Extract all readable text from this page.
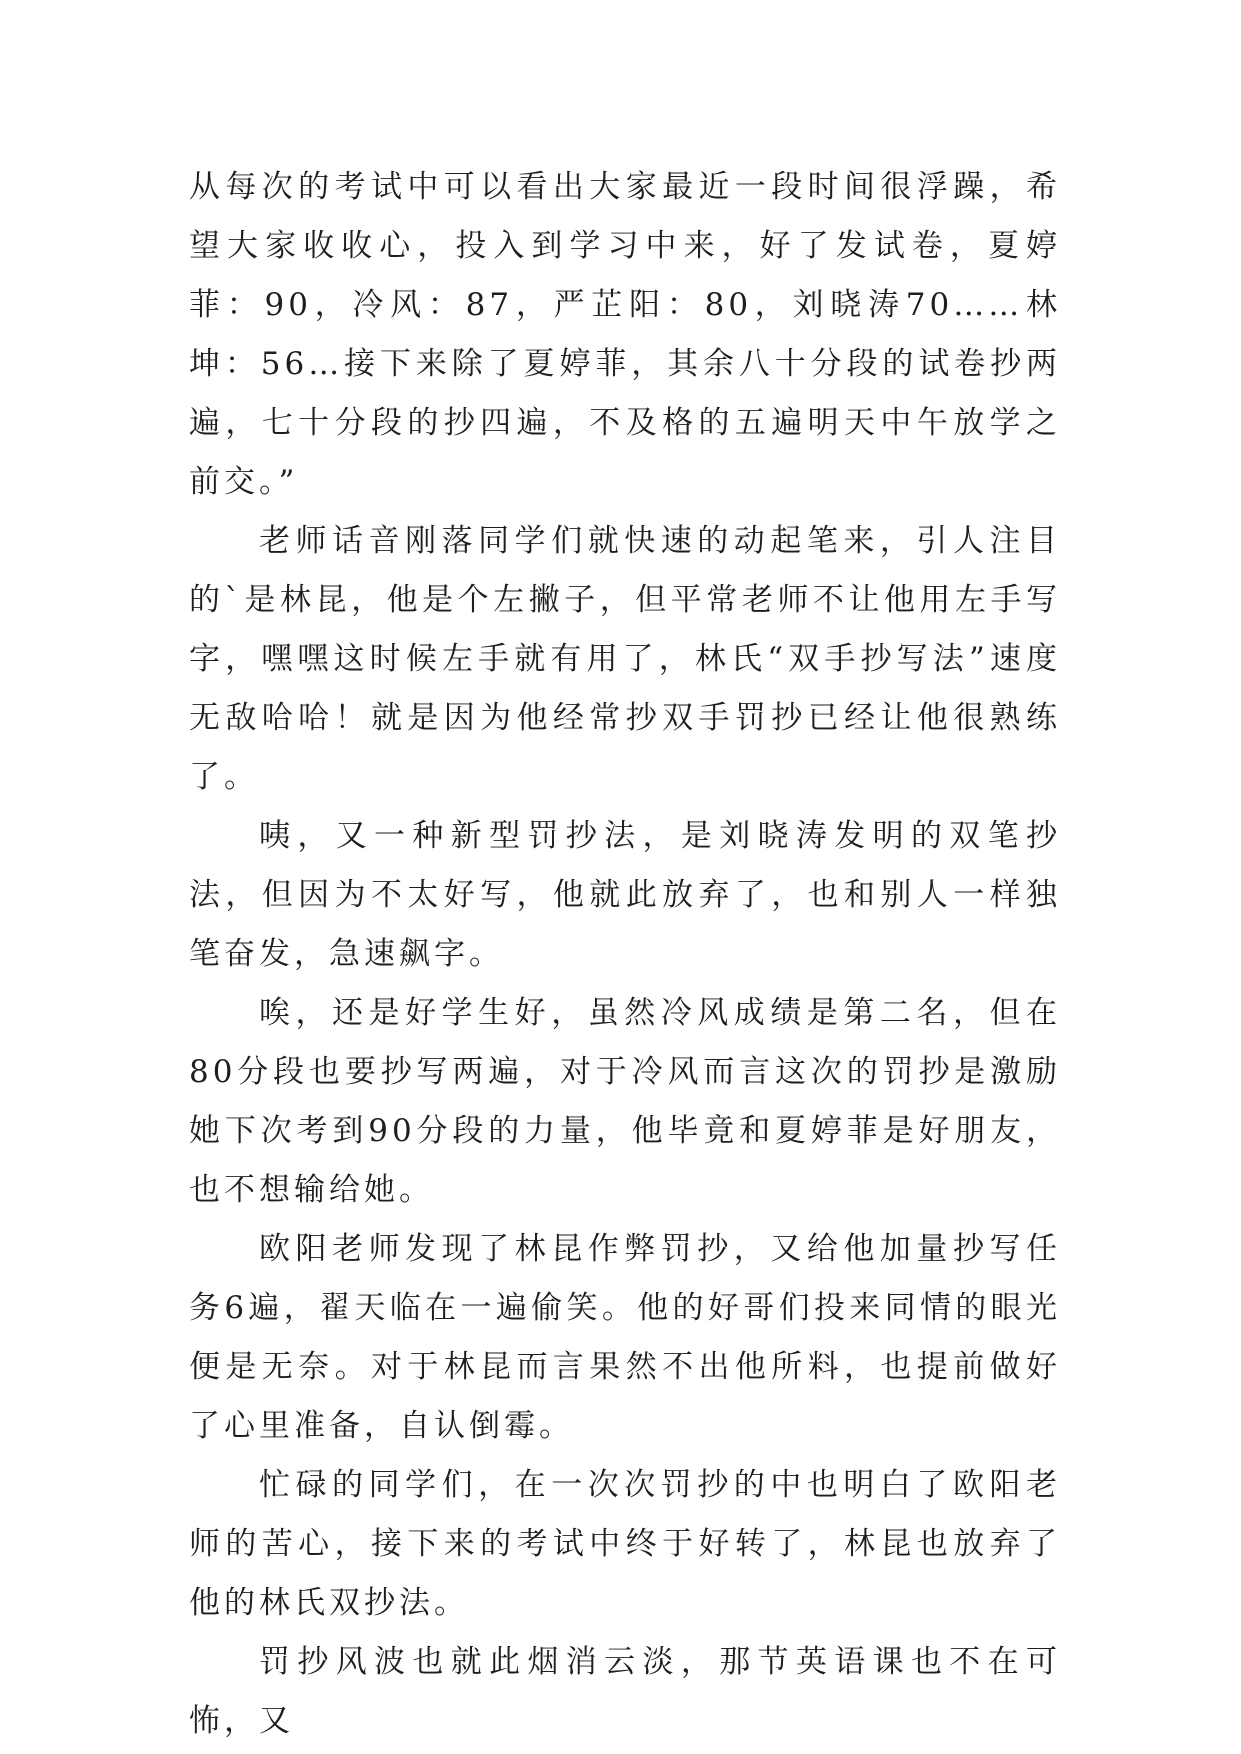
从每次的考试中可以看出大家最近一段时间很浮躁，希望大家收收心，投入到学习中来，好了发试卷，夏婷菲：90，冷风：87，严芷阳：80，刘晓涛70……林坤：56…接下来除了夏婷菲，其余八十分段的试卷抄两遍，七十分段的抄四遍，不及格的五遍明天中午放学之前交。”

老师话音刚落同学们就快速的动起笔来，引人注目的`是林昆，他是个左撇子，但平常老师不让他用左手写字，嘿嘿这时候左手就有用了，林氏“双手抄写法”速度无敌哈哈！就是因为他经常抄双手罚抄已经让他很熟练了。

咦，又一种新型罚抄法，是刘晓涛发明的双笔抄法，但因为不太好写，他就此放弃了，也和别人一样独笔奋发，急速飙字。

唉，还是好学生好，虽然冷风成绩是第二名，但在80分段也要抄写两遍，对于冷风而言这次的罚抄是激励她下次考到90分段的力量，他毕竟和夏婷菲是好朋友，也不想输给她。

欧阳老师发现了林昆作弊罚抄，又给他加量抄写任务6遍，翟天临在一遍偷笑。他的好哥们投来同情的眼光便是无奈。对于林昆而言果然不出他所料，也提前做好了心里准备，自认倒霉。

忙碌的同学们，在一次次罚抄的中也明白了欧阳老师的苦心，接下来的考试中终于好转了，林昆也放弃了他的林氏双抄法。

罚抄风波也就此烟消云淡，那节英语课也不在可怖，又
